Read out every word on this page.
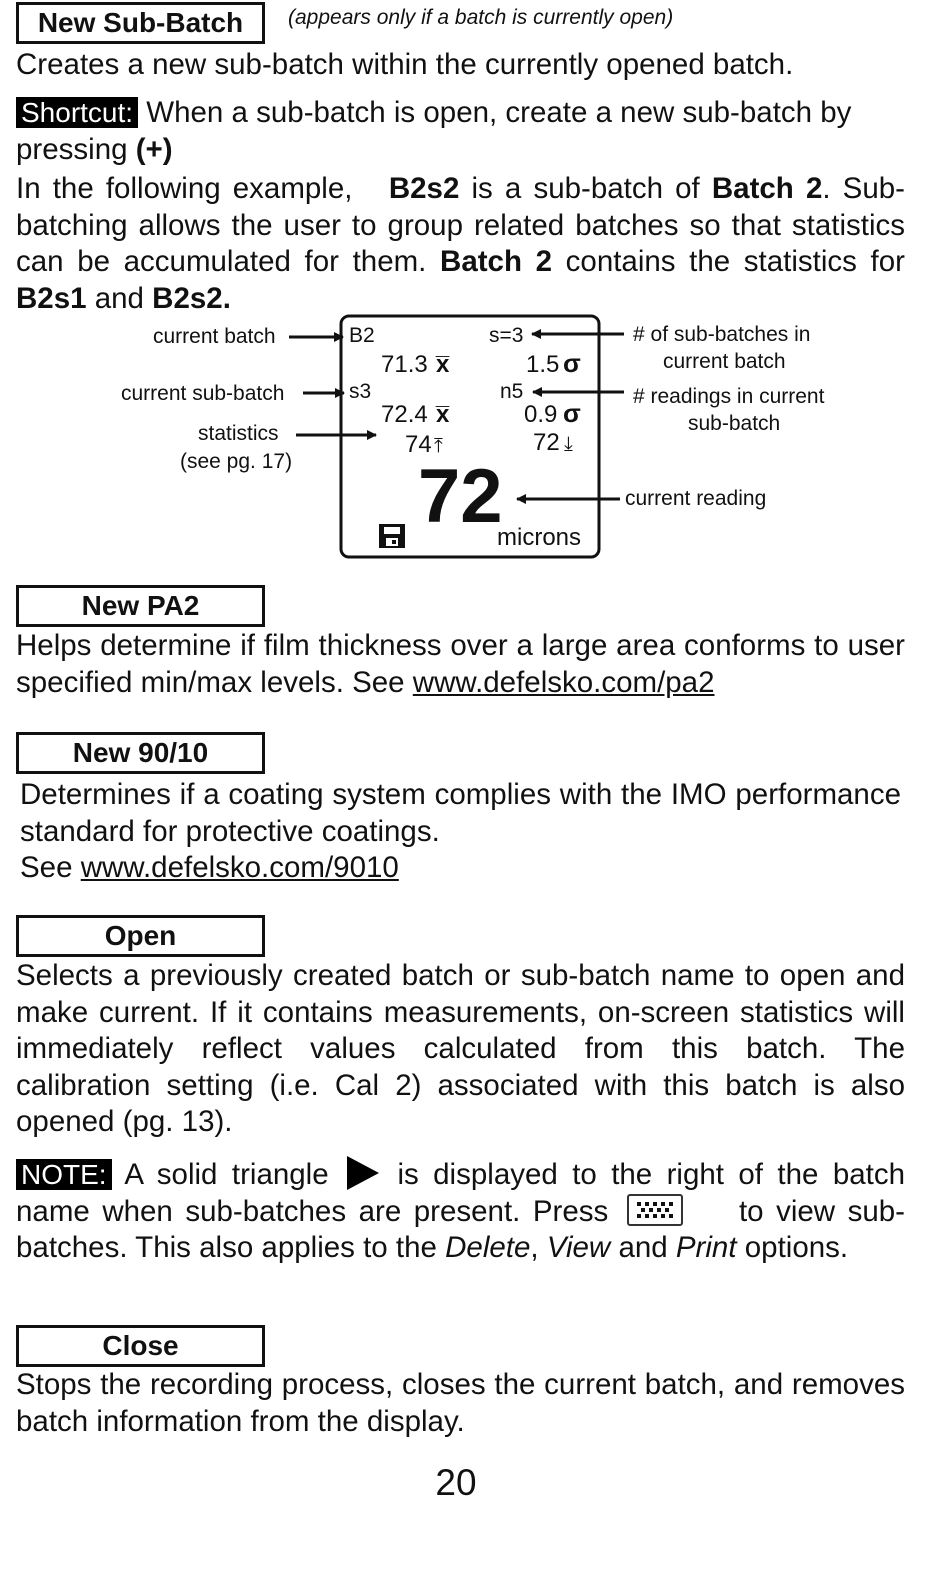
New Sub-Batch	(appears only if a batch is currently open)

Creates a new sub-batch within the currently opened batch.

Shortcut: When a sub-batch is open, create a new sub-batch by pressing (+)

In the following example, B2s2 is a sub-batch of Batch 2. Sub-batching allows the user to group related batches so that statistics can be accumulated for them. Batch 2 contains the statistics for B2s1 and B2s2.

B2	s=3
71.3 x̅	1.5 σ
s3	n5
72.4 x̅	0.9 σ
74 ⤒	72 ⤓
72
microns
current batch
current sub-batch
statistics
(see pg. 17)
# of sub-batches in
current batch
# readings in current
sub-batch
current reading
New PA2

Helps determine if film thickness over a large area conforms to user specified min/max levels. See www.defelsko.com/pa2

New 90/10

Determines if a coating system complies with the IMO performance standard for protective coatings.
See www.defelsko.com/9010

Open

Selects a previously created batch or sub-batch name to open and make current. If it contains measurements, on-screen statistics will immediately reflect values calculated from this batch. The calibration setting (i.e. Cal 2) associated with this batch is also opened (pg. 13).

NOTE: A solid triangle is displayed to the right of the batch name when sub-batches are present. Press	to view sub-batches. This also applies to the Delete, View and Print options.

Close

Stops the recording process, closes the current batch, and removes batch information from the display.

20
